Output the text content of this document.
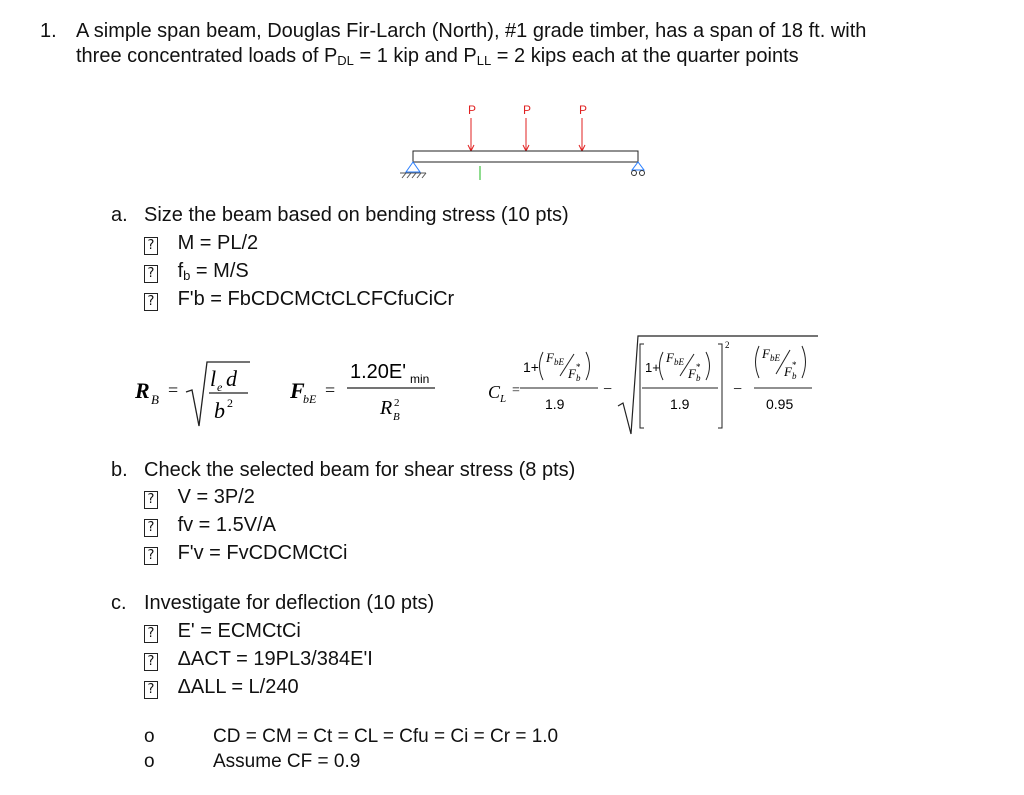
1. A simple span beam, Douglas Fir-Larch (North), #1 grade timber, has a span of 18 ft. with
three concentrated loads of $P_{DL} = 1$ kip and $P_{LL} = 2$ kips each at the quarter points
P	P	P
a. Size the beam based on bending stress (10 pts)
? M = PL/2
? $f_b = M/S$
? F'b = FbCDCMCtCLCFCfuCiCr
R B = l e d
b 2	F
bE =
1.20E' min
R B
2
C L
=
1+
F bE
F b
*
1.9
−
1+
F bE
F b
*
1.9
2
−
F bE
F b
*
0.95
b. Check the selected beam for shear stress (8 pts)
? V = 3P/2
? fv = 1.5V/A
? F'v = FvCDCMCtCi
c. Investigate for deflection (10 pts)
? E' = ECMCtCi
? ΔACT = 19PL3/384E'I
? ΔALL = L/240
o	CD = CM = Ct = CL = Cfu = Ci = Cr = 1.0
o	Assume CF = 0.9
